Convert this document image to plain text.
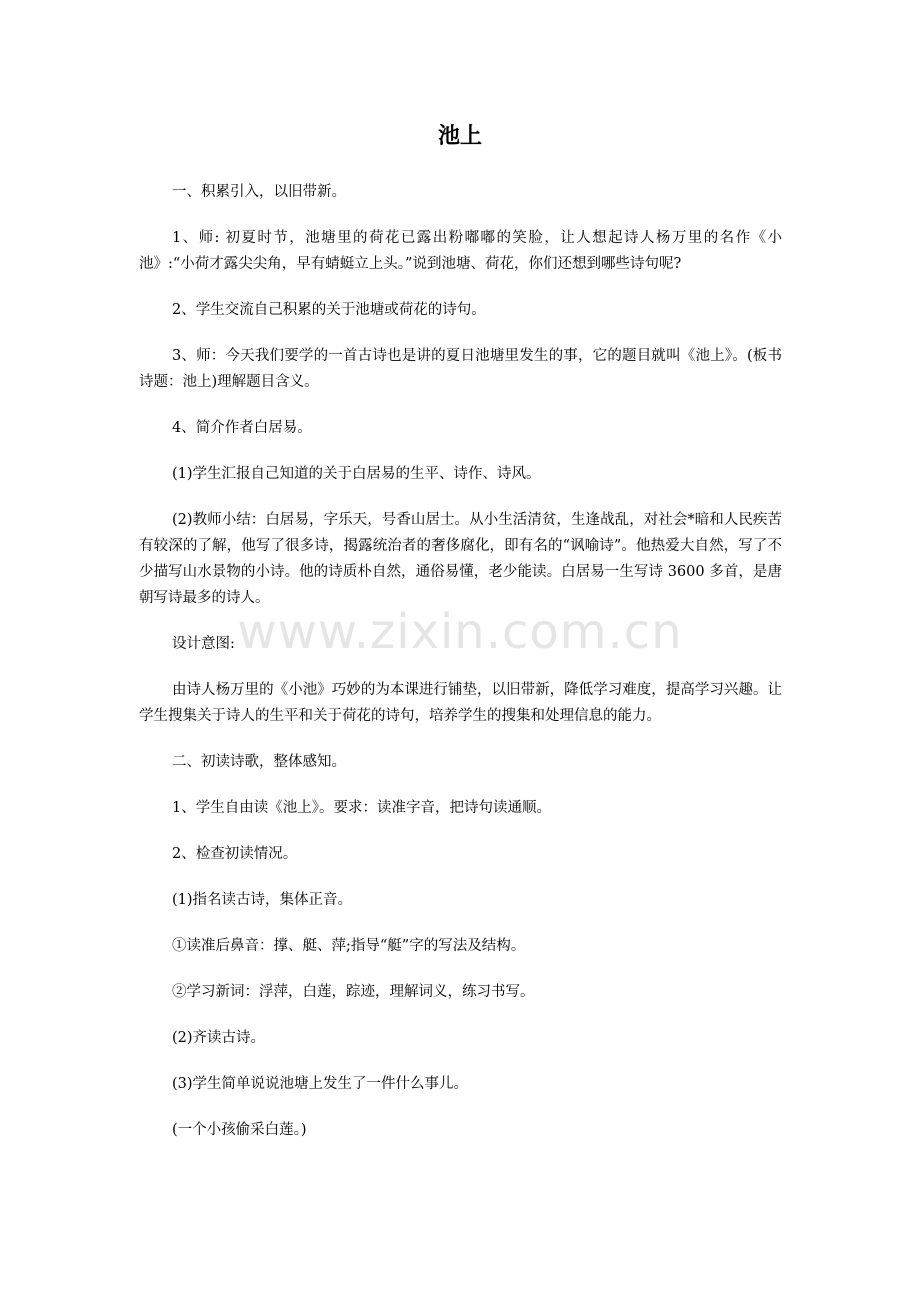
池上

一、积累引入，以旧带新。

1、师: 初夏时节，池塘里的荷花已露出粉嘟嘟的笑脸，让人想起诗人杨万里的名作《小池》:“小荷才露尖尖角，早有蜻蜓立上头。”说到池塘、荷花，你们还想到哪些诗句呢?

2、学生交流自己积累的关于池塘或荷花的诗句。

3、师：今天我们要学的一首古诗也是讲的夏日池塘里发生的事，它的题目就叫《池上》。(板书诗题：池上)理解题目含义。

4、简介作者白居易。

(1)学生汇报自己知道的关于白居易的生平、诗作、诗风。

(2)教师小结：白居易，字乐天，号香山居士。从小生活清贫，生逢战乱，对社会*暗和人民疾苦有较深的了解，他写了很多诗，揭露统治者的奢侈腐化，即有名的“讽喻诗”。他热爱大自然，写了不少描写山水景物的小诗。他的诗质朴自然，通俗易懂，老少能读。白居易一生写诗 3600 多首，是唐朝写诗最多的诗人。

设计意图:

由诗人杨万里的《小池》巧妙的为本课进行铺垫，以旧带新，降低学习难度，提高学习兴趣。让学生搜集关于诗人的生平和关于荷花的诗句，培养学生的搜集和处理信息的能力。

二、初读诗歌，整体感知。

1、学生自由读《池上》。要求：读准字音，把诗句读通顺。

2、检查初读情况。

(1)指名读古诗，集体正音。

①读准后鼻音：撑、艇、萍;指导“艇”字的写法及结构。

②学习新词：浮萍，白莲，踪迹，理解词义，练习书写。

(2)齐读古诗。

(3)学生简单说说池塘上发生了一件什么事儿。

(一个小孩偷采白莲。)

www.zixin.com.cn
